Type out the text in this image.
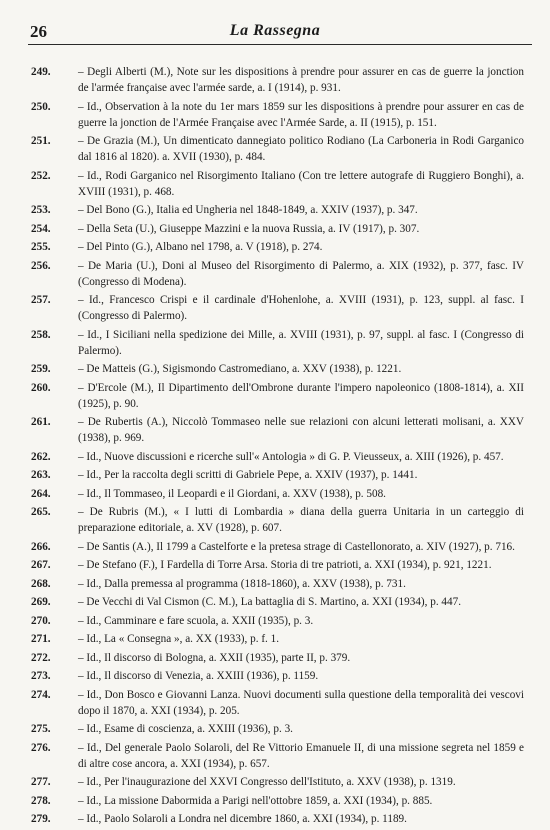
26	La Rassegna
249.	– Degli Alberti (M.), Note sur les dispositions à prendre pour assurer en cas de guerre la jonction de l'armée française avec l'armée sarde, a. I (1914), p. 931.
250.	– Id., Observation à la note du 1er mars 1859 sur les dispositions à prendre pour assurer en cas de guerre la jonction de l'Armée Française avec l'Armée Sarde, a. II (1915), p. 151.
251.	– De Grazia (M.), Un dimenticato dannegiato politico Rodiano (La Carboneria in Rodi Garganico dal 1816 al 1820). a. XVII (1930), p. 484.
252.	– Id., Rodi Garganico nel Risorgimento Italiano (Con tre lettere autografe di Ruggiero Bonghi), a. XVIII (1931), p. 468.
253.	– Del Bono (G.), Italia ed Ungheria nel 1848-1849, a. XXIV (1937), p. 347.
254.	– Della Seta (U.), Giuseppe Mazzini e la nuova Russia, a. IV (1917), p. 307.
255.	– Del Pinto (G.), Albano nel 1798, a. V (1918), p. 274.
256.	– De Maria (U.), Doni al Museo del Risorgimento di Palermo, a. XIX (1932), p. 377, fasc. IV (Congresso di Modena).
257.	– Id., Francesco Crispi e il cardinale d'Hohenlohe, a. XVIII (1931), p. 123, suppl. al fasc. I (Congresso di Palermo).
258.	– Id., I Siciliani nella spedizione dei Mille, a. XVIII (1931), p. 97, suppl. al fasc. I (Congresso di Palermo).
259.	– De Matteis (G.), Sigismondo Castromediano, a. XXV (1938), p. 1221.
260.	– D'Ercole (M.), Il Dipartimento dell'Ombrone durante l'impero napoleonico (1808-1814), a. XII (1925), p. 90.
261.	– De Rubertis (A.), Niccolò Tommaseo nelle sue relazioni con alcuni letterati molisani, a. XXV (1938), p. 969.
262.	– Id., Nuove discussioni e ricerche sull'« Antologia » di G. P. Vieusseux, a. XIII (1926), p. 457.
263.	– Id., Per la raccolta degli scritti di Gabriele Pepe, a. XXIV (1937), p. 1441.
264.	– Id., Il Tommaseo, il Leopardi e il Giordani, a. XXV (1938), p. 508.
265.	– De Rubris (M.), « I lutti di Lombardia » diana della guerra Unitaria in un carteggio di preparazione editoriale, a. XV (1928), p. 607.
266.	– De Santis (A.), Il 1799 a Castelforte e la pretesa strage di Castellonorato, a. XIV (1927), p. 716.
267.	– De Stefano (F.), I Fardella di Torre Arsa. Storia di tre patrioti, a. XXI (1934), p. 921, 1221.
268.	– Id., Dalla premessa al programma (1818-1860), a. XXV (1938), p. 731.
269.	– De Vecchi di Val Cismon (C. M.), La battaglia di S. Martino, a. XXI (1934), p. 447.
270.	– Id., Camminare e fare scuola, a. XXII (1935), p. 3.
271.	– Id., La « Consegna », a. XX (1933), p. f. 1.
272.	– Id., Il discorso di Bologna, a. XXII (1935), parte II, p. 379.
273.	– Id., Il discorso di Venezia, a. XXIII (1936), p. 1159.
274.	– Id., Don Bosco e Giovanni Lanza. Nuovi documenti sulla questione della temporalità dei vescovi dopo il 1870, a. XXI (1934), p. 205.
275.	– Id., Esame di coscienza, a. XXIII (1936), p. 3.
276.	– Id., Del generale Paolo Solaroli, del Re Vittorio Emanuele II, di una missione segreta nel 1859 e di altre cose ancora, a. XXI (1934), p. 657.
277.	– Id., Per l'inaugurazione del XXVI Congresso dell'Istituto, a. XXV (1938), p. 1319.
278.	– Id., La missione Dabormida a Parigi nell'ottobre 1859, a. XXI (1934), p. 885.
279.	– Id., Paolo Solaroli a Londra nel dicembre 1860, a. XXI (1934), p. 1189.
